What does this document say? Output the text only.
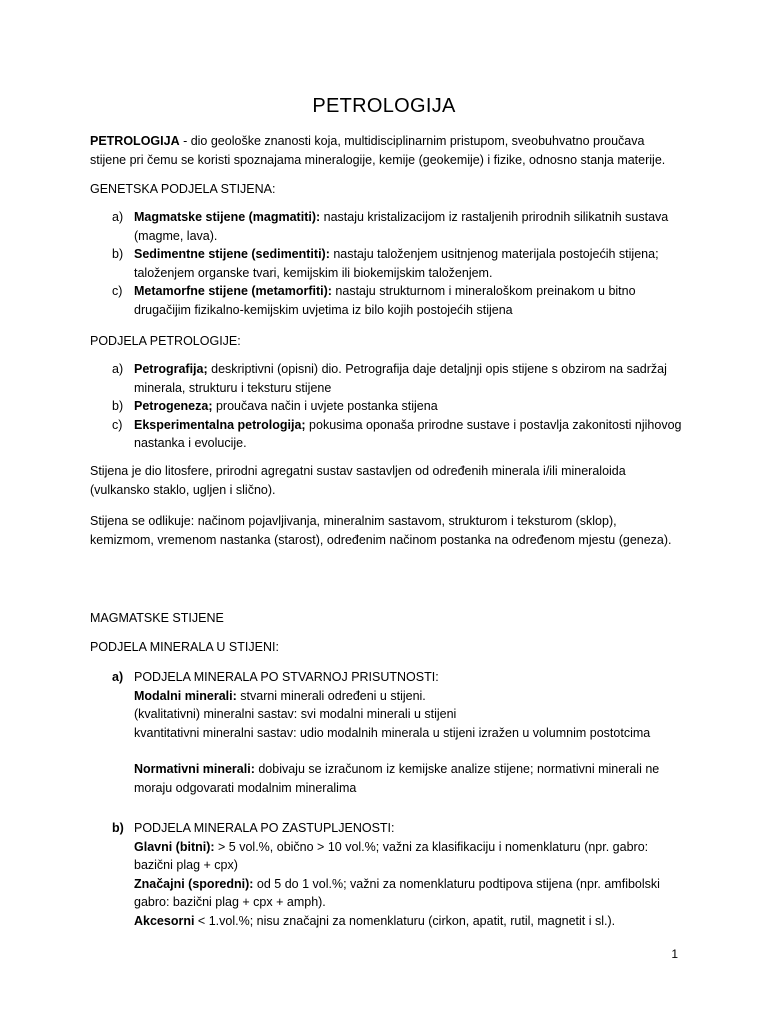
PETROLOGIJA
PETROLOGIJA - dio geološke znanosti koja, multidisciplinarnim pristupom, sveobuhvatno proučava stijene pri čemu se koristi spoznajama mineralogije, kemije (geokemije) i fizike, odnosno stanja materije.
GENETSKA PODJELA STIJENA:
a) Magmatske stijene (magmatiti): nastaju kristalizacijom iz rastaljenih prirodnih silikatnih sustava (magme, lava).
b) Sedimentne stijene (sedimentiti): nastaju taloženjem usitnjenog materijala postojećih stijena; taloženjem organske tvari, kemijskim ili biokemijskim taloženjem.
c) Metamorfne stijene (metamorfiti): nastaju strukturnom i mineraloškom preinakom u bitno drugačijim fizikalno-kemijskim uvjetima iz bilo kojih postojećih stijena
PODJELA PETROLOGIJE:
a) Petrografija; deskriptivni (opisni) dio. Petrografija daje detaljnji opis stijene s obzirom na sadržaj minerala, strukturu i teksturu stijene
b) Petrogeneza; proučava način i uvjete postanka stijena
c) Eksperimentalna petrologija; pokusima oponaša prirodne sustave i postavlja zakonitosti njihovog nastanka i evolucije.
Stijena je dio litosfere, prirodni agregatni sustav sastavljen od određenih minerala i/ili mineraloida (vulkansko staklo, ugljen i slično).
Stijena se odlikuje: načinom pojavljivanja, mineralnim sastavom, strukturom i teksturom (sklop), kemizmom, vremenom nastanka (starost), određenim načinom postanka na određenom mjestu (geneza).
MAGMATSKE STIJENE
PODJELA MINERALA U STIJENI:
a) PODJELA MINERALA PO STVARNOJ PRISUTNOSTI:
Modalni minerali: stvarni minerali određeni u stijeni.
(kvalitativni) mineralni sastav: svi modalni minerali u stijeni
kvantitativni mineralni sastav: udio modalnih minerala u stijeni izražen u volumnim postotcima
Normativni minerali: dobivaju se izračunom iz kemijske analize stijene; normativni minerali ne moraju odgovarati modalnim mineralima
b) PODJELA MINERALA PO ZASTUPLJENOSTI:
Glavni (bitni): > 5 vol.%, obično > 10 vol.%; važni za klasifikaciju i nomenklaturu (npr. gabro: bazični plag + cpx)
Značajni (sporedni): od 5 do 1 vol.%; važni za nomenklaturu podtipova stijena (npr. amfibolski gabro: bazični plag + cpx + amph).
Akcesorni < 1.vol.%; nisu značajni za nomenklaturu (cirkon, apatit, rutil, magnetit i sl.).
1
